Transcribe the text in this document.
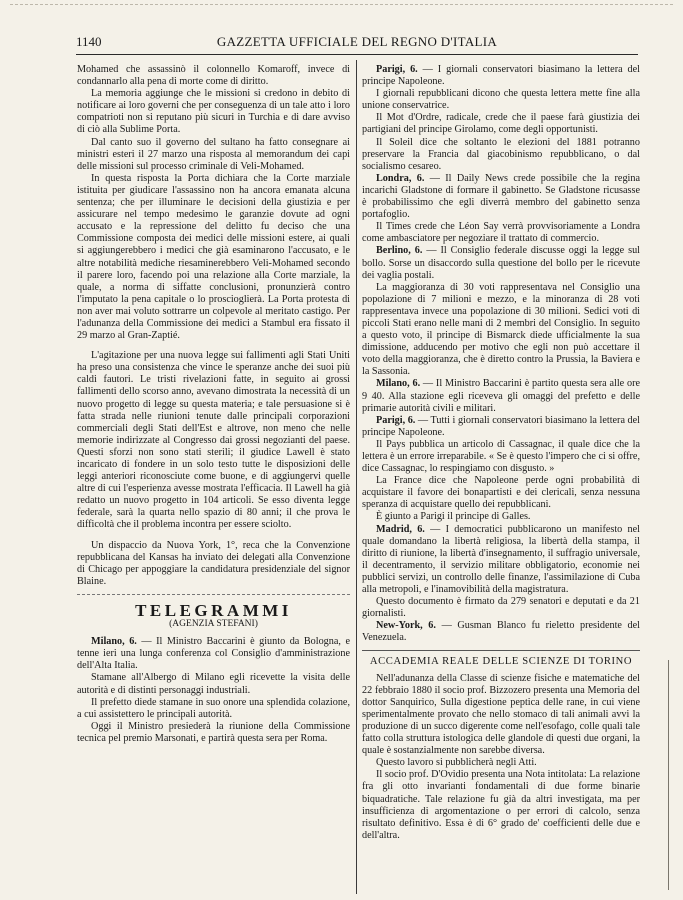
1140	GAZZETTA UFFICIALE DEL REGNO D'ITALIA

Mohamed che assassinò il colonnello Komaroff, invece di condannarlo alla pena di morte come di diritto.

La memoria aggiunge che le missioni si credono in debito di notificare ai loro governi che per conseguenza di un tale atto i loro compatrioti non si reputano più sicuri in Turchia e di dare avviso di ciò alla Sublime Porta.

Dal canto suo il governo del sultano ha fatto consegnare ai ministri esteri il 27 marzo una risposta al memorandum dei capi delle missioni sul processo criminale di Veli-Mohamed.

In questa risposta la Porta dichiara che la Corte marziale istituita per giudicare l'assassino non ha ancora emanata alcuna sentenza; che per illuminare le decisioni della giustizia e per assicurare nel tempo medesimo le garanzie dovute ad ogni accusato e la repressione del delitto fu deciso che una Commissione composta dei medici delle missioni estere, ai quali si aggiungerebbero i medici che già esaminarono l'accusato, e le altre notabilità mediche riesaminerebbero Veli-Mohamed secondo il parere loro, facendo poi una relazione alla Corte marziale, la quale, a norma di siffatte conclusioni, pronunzierà contro l'imputato la pena capitale o lo proscioglierà. La Porta protesta di non aver mai voluto sottrarre un colpevole al meritato castigo. Per l'adunanza della Commissione dei medici a Stambul era fissato il 29 marzo al Gran-Zaptié.

L'agitazione per una nuova legge sui fallimenti agli Stati Uniti ha preso una consistenza che vince le speranze anche dei suoi più caldi fautori. Le tristi rivelazioni fatte, in seguito ai grossi fallimenti dello scorso anno, avevano dimostrata la necessità di un nuovo progetto di legge su questa materia; e tale persuasione si è fatta strada nelle riunioni tenute dalle principali corporazioni commerciali degli Stati dell'Est e altrove, non meno che nelle memorie indirizzate al Congresso dai grossi negozianti del paese. Questi sforzi non sono stati sterili; il giudice Lawell è stato incaricato di fondere in un solo testo tutte le disposizioni delle leggi anteriori riconosciute come buone, e di aggiungervi quelle altre di cui l'esperienza avesse mostrata l'efficacia. Il Lawell ha già redatto un nuovo progetto in 104 articoli. Se esso diventa legge federale, sarà la quarta nello spazio di 80 anni; il che prova le difficoltà che il problema incontra per essere sciolto.

Un dispaccio da Nuova York, 1°, reca che la Convenzione repubblicana del Kansas ha inviato dei delegati alla Convenzione di Chicago per appoggiare la candidatura presidenziale del signor Blaine.

TELEGRAMMI
(AGENZIA STEFANI)

Milano, 6. — Il Ministro Baccarini è giunto da Bologna, e tenne ieri una lunga conferenza col Consiglio d'amministrazione dell'Alta Italia.

Stamane all'Albergo di Milano egli ricevette la visita delle autorità e di distinti personaggi industriali.

Il prefetto diede stamane in suo onore una splendida colazione, a cui assistettero le principali autorità.

Oggi il Ministro presiederà la riunione della Commissione tecnica pel premio Marsonati, e partirà questa sera per Roma.

Parigi, 6. — I giornali conservatori biasimano la lettera del principe Napoleone.

I giornali repubblicani dicono che questa lettera mette fine alla unione conservatrice.

Il Mot d'Ordre, radicale, crede che il paese farà giustizia dei partigiani del principe Girolamo, come degli opportunisti.

Il Soleil dice che soltanto le elezioni del 1881 potranno preservare la Francia dal giacobinismo repubblicano, o dal socialismo cesareo.

Londra, 6. — Il Daily News crede possibile che la regina incarichi Gladstone di formare il gabinetto. Se Gladstone ricusasse è probabilissimo che egli diverrà membro del gabinetto senza portafoglio.

Il Times crede che Léon Say verrà provvisoriamente a Londra come ambasciatore per negoziare il trattato di commercio.

Berlino, 6. — Il Consiglio federale discusse oggi la legge sul bollo. Sorse un disaccordo sulla questione del bollo per le ricevute dei vaglia postali.

La maggioranza di 30 voti rappresentava nel Consiglio una popolazione di 7 milioni e mezzo, e la minoranza di 28 voti rappresentava invece una popolazione di 30 milioni. Sedici voti di piccoli Stati erano nelle mani di 2 membri del Consiglio. In seguito a questo voto, il principe di Bismarck diede ufficialmente la sua dimissione, adducendo per motivo che egli non può accettare il voto della maggioranza, che è diretto contro la Prussia, la Baviera e la Sassonia.

Milano, 6. — Il Ministro Baccarini è partito questa sera alle ore 9 40. Alla stazione egli riceveva gli omaggi del prefetto e delle primarie autorità civili e militari.

Parigi, 6. — Tutti i giornali conservatori biasimano la lettera del principe Napoleone.

Il Pays pubblica un articolo di Cassagnac, il quale dice che la lettera è un errore irreparabile. « Se è questo l'impero che ci si offre, dice Cassagnac, lo respingiamo con disgusto. »

La France dice che Napoleone perde ogni probabilità di acquistare il favore dei bonapartisti e dei clericali, senza nessuna speranza di acquistare quello dei repubblicani.

È giunto a Parigi il principe di Galles.

Madrid, 6. — I democratici pubblicarono un manifesto nel quale domandano la libertà religiosa, la libertà della stampa, il diritto di riunione, la libertà d'insegnamento, il suffragio universale, il decentramento, il servizio militare obbligatorio, economie nei pubblici servizi, un controllo delle finanze, l'assimilazione di Cuba alla metropoli, e l'inamovibilità della magistratura.

Questo documento è firmato da 279 senatori e deputati e da 21 giornalisti.

New-York, 6. — Gusman Blanco fu rieletto presidente del Venezuela.

ACCADEMIA REALE DELLE SCIENZE DI TORINO

Nell'adunanza della Classe di scienze fisiche e matematiche del 22 febbraio 1880 il socio prof. Bizzozero presenta una Memoria del dottor Sanquirico, Sulla digestione peptica delle rane, in cui viene sperimentalmente provato che nello stomaco di tali animali avvi la produzione di un succo digerente come nell'esofago, colle quali tale fatto colla struttura istologica delle glandole di questi due organi, la quale è sostanzialmente non sarebbe diversa.

Questo lavoro si pubblicherà negli Atti.

Il socio prof. D'Ovidio presenta una Nota intitolata: La relazione fra gli otto invarianti fondamentali di due forme binarie biquadratiche. Tale relazione fu già da altri investigata, ma per insufficienza di argomentazione o per errori di calcolo, senza risultato definitivo. Essa è di 6° grado de' coefficienti delle due e dell'altra.
